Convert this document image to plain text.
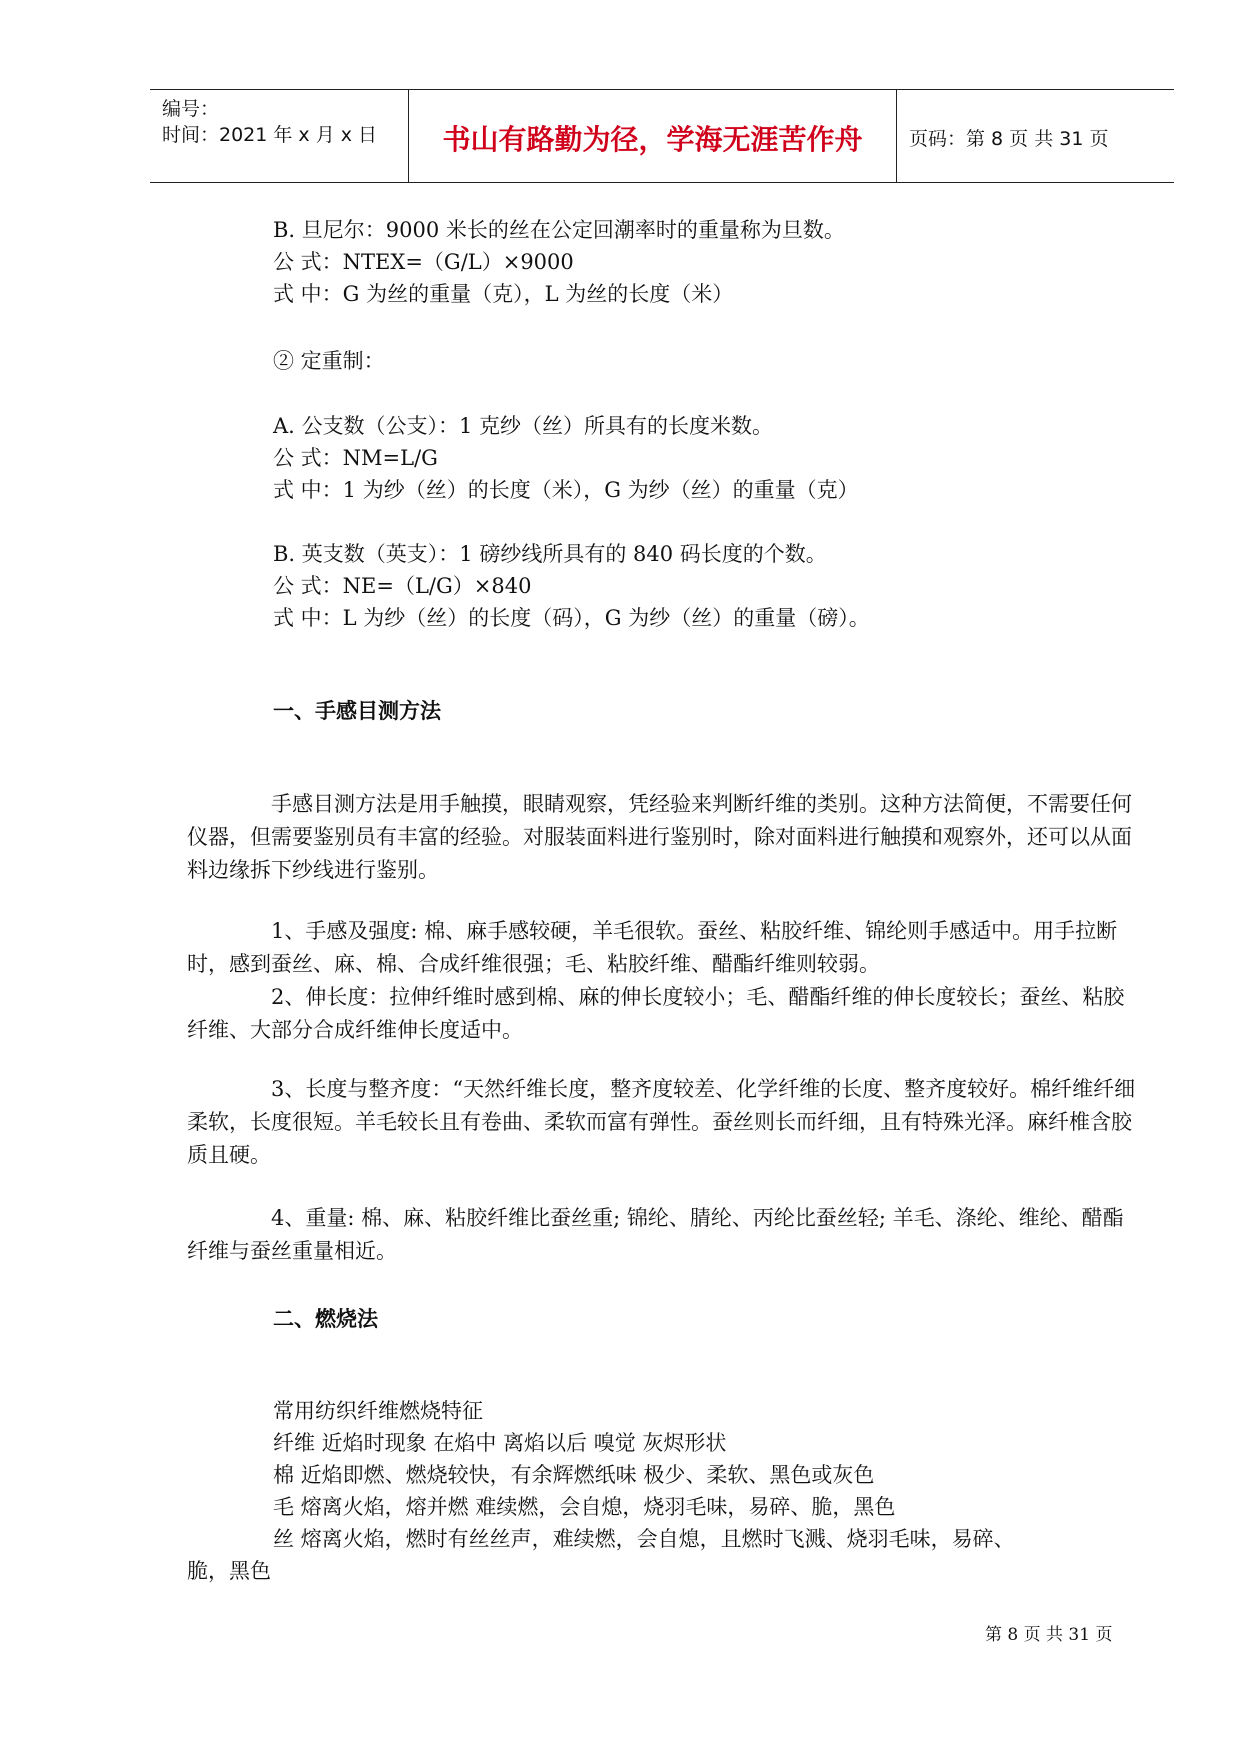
编号：
时间：2021 年 x 月 x 日	书山有路勤为径，学海无涯苦作舟	页码：第 8 页 共 31 页
B. 旦尼尔：9000 米长的丝在公定回潮率时的重量称为旦数。
公 式：NTEX=（G/L）×9000
式 中：G 为丝的重量（克），L 为丝的长度（米）
② 定重制：
A. 公支数（公支）：1 克纱（丝）所具有的长度米数。
公 式：NM=L/G
式 中：1 为纱（丝）的长度（米），G 为纱（丝）的重量（克）
B. 英支数（英支）：1 磅纱线所具有的 840 码长度的个数。
公 式：NE=（L/G）×840
式 中：L 为纱（丝）的长度（码），G 为纱（丝）的重量（磅）。
一、手感目测方法

手感目测方法是用手触摸，眼睛观察，凭经验来判断纤维的类别。这种方法简便，不需要任何仪器，但需要鉴别员有丰富的经验。对服装面料进行鉴别时，除对面料进行触摸和观察外，还可以从面料边缘拆下纱线进行鉴别。

1、手感及强度: 棉、麻手感较硬，羊毛很软。蚕丝、粘胶纤维、锦纶则手感适中。用手拉断时，感到蚕丝、麻、棉、合成纤维很强；毛、粘胶纤维、醋酯纤维则较弱。

2、伸长度：拉伸纤维时感到棉、麻的伸长度较小；毛、醋酯纤维的伸长度较长；蚕丝、粘胶纤维、大部分合成纤维伸长度适中。

3、长度与整齐度：“天然纤维长度，整齐度较差、化学纤维的长度、整齐度较好。棉纤维纤细柔软，长度很短。羊毛较长且有卷曲、柔软而富有弹性。蚕丝则长而纤细，且有特殊光泽。麻纤椎含胶质且硬。

4、重量: 棉、麻、粘胶纤维比蚕丝重; 锦纶、腈纶、丙纶比蚕丝轻; 羊毛、涤纶、维纶、醋酯纤维与蚕丝重量相近。

二、燃烧法
常用纺织纤维燃烧特征
纤维 近焰时现象 在焰中 离焰以后 嗅觉 灰烬形状
棉 近焰即燃、燃烧较快，有余辉燃纸味 极少、柔软、黑色或灰色
毛 熔离火焰，熔并燃 难续燃，会自熄，烧羽毛味，易碎、脆，黑色
丝 熔离火焰，燃时有丝丝声，难续燃，会自熄，且燃时飞溅、烧羽毛味，易碎、
脆，黑色
第 8 页 共 31 页
